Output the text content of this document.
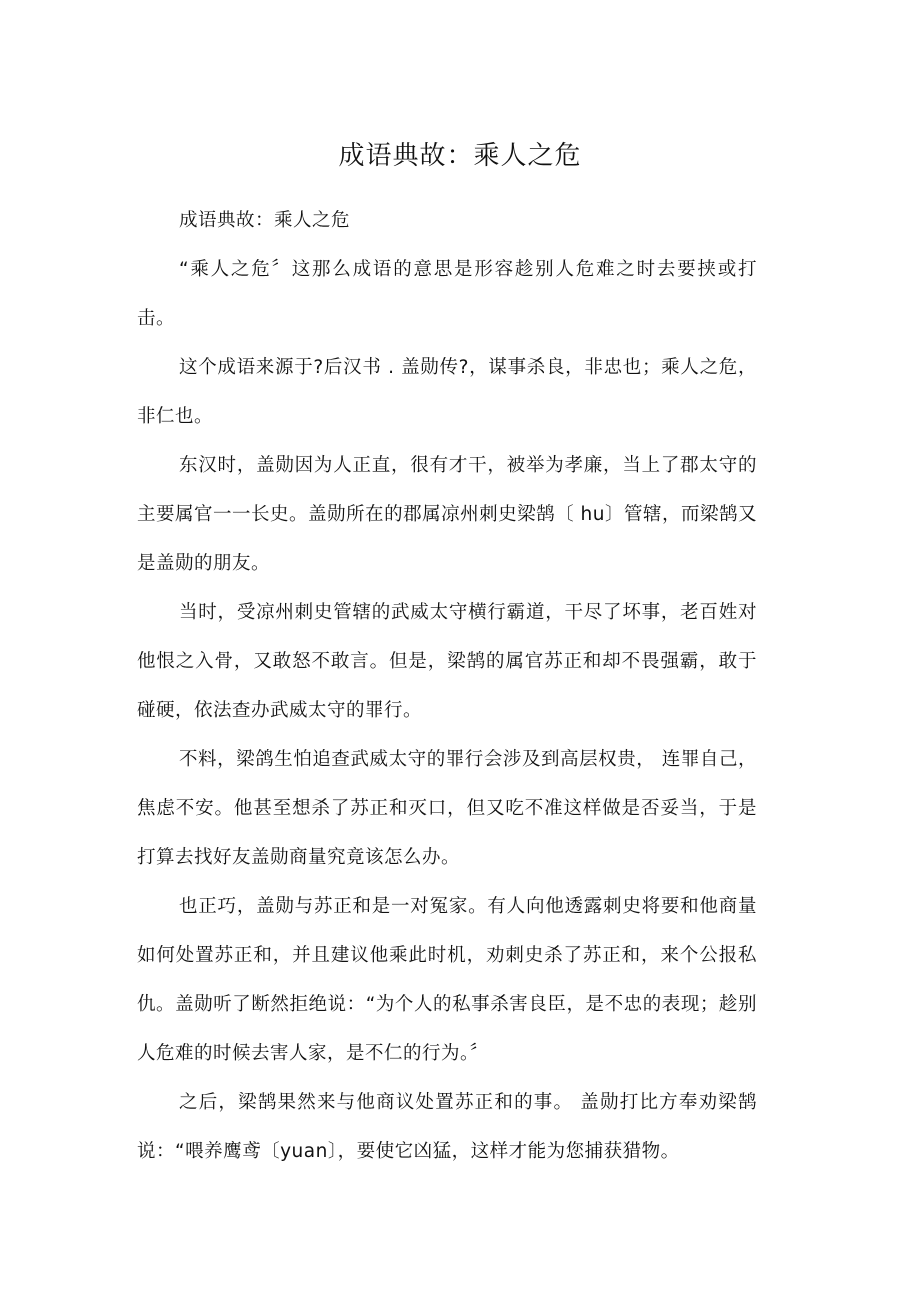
成语典故：乘人之危

成语典故：乘人之危

“乘人之危〞这那么成语的意思是形容趁别人危难之时去要挟或打击。

这个成语来源于?后汉书 . 盖勋传?，谋事杀良，非忠也；乘人之危，非仁也。

东汉时，盖勋因为人正直，很有才干，被举为孝廉，当上了郡太守的主要属官一一长史。盖勋所在的郡属凉州刺史梁鹄〔 hu〕管辖，而梁鹄又是盖勋的朋友。

当时，受凉州刺史管辖的武威太守横行霸道，干尽了坏事，老百姓对他恨之入骨，又敢怒不敢言。但是，梁鹄的属官苏正和却不畏强霸，敢于碰硬，依法查办武威太守的罪行。

不料，梁鸽生怕追查武威太守的罪行会涉及到高层权贵， 连罪自己，焦虑不安。他甚至想杀了苏正和灭口，但又吃不准这样做是否妥当，于是打算去找好友盖勋商量究竟该怎么办。

也正巧，盖勋与苏正和是一对冤家。有人向他透露刺史将要和他商量如何处置苏正和，并且建议他乘此时机，劝刺史杀了苏正和，来个公报私仇。盖勋听了断然拒绝说：“为个人的私事杀害良臣，是不忠的表现；趁别人危难的时候去害人家，是不仁的行为。〞

之后，梁鹄果然来与他商议处置苏正和的事。 盖勋打比方奉劝梁鹄说：“喂养鹰鸢〔yuan〕，要使它凶猛，这样才能为您捕获猎物。
